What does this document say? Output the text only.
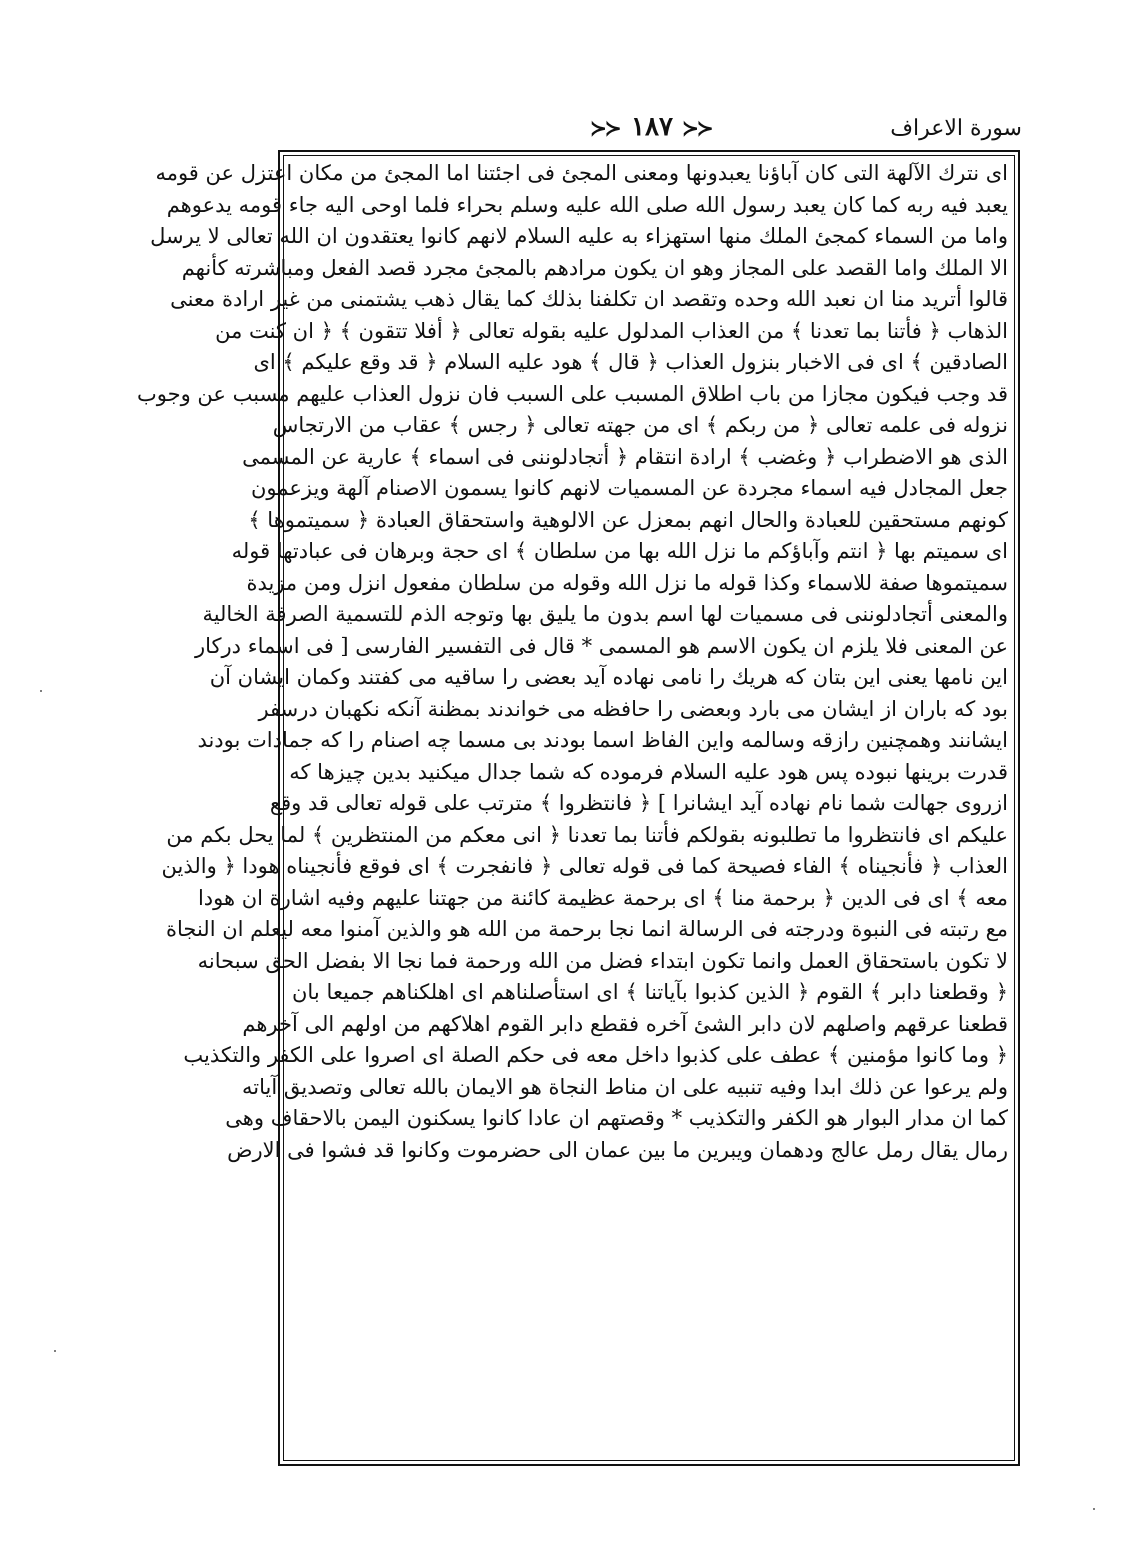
≺≺ ١٨٧ ≻≻	سورة الاعراف
اى نترك الآلهة التى كان آباؤنا يعبدونها ومعنى المجئ فى اجئتنا اما المجئ من مكان اعتزل عن قومه
يعبد فيه ربه كما كان يعبد رسول الله صلى الله عليه وسلم بحراء فلما اوحى اليه جاء قومه يدعوهم
واما من السماء كمجئ الملك منها استهزاء به عليه السلام لانهم كانوا يعتقدون ان الله تعالى لا يرسل
الا الملك واما القصد على المجاز وهو ان يكون مرادهم بالمجئ مجرد قصد الفعل ومباشرته كأنهم
قالوا أتريد منا ان نعبد الله وحده وتقصد ان تكلفنا بذلك كما يقال ذهب يشتمنى من غير ارادة معنى
الذهاب ﴿ فأتنا بما تعدنا ﴾ من العذاب المدلول عليه بقوله تعالى ﴿ أفلا تتقون ﴾ ﴿ ان كنت من
الصادقين ﴾ اى فى الاخبار بنزول العذاب ﴿ قال ﴾ هود عليه السلام ﴿ قد وقع عليكم ﴾ اى
قد وجب فيكون مجازا من باب اطلاق المسبب على السبب فان نزول العذاب عليهم مسبب عن وجوب
نزوله فى علمه تعالى ﴿ من ربكم ﴾ اى من جهته تعالى ﴿ رجس ﴾ عقاب من الارتجاس
الذى هو الاضطراب ﴿ وغضب ﴾ ارادة انتقام ﴿ أتجادلوننى فى اسماء ﴾ عارية عن المسمى
جعل المجادل فيه اسماء مجردة عن المسميات لانهم كانوا يسمون الاصنام آلهة ويزعمون
كونهم مستحقين للعبادة والحال انهم بمعزل عن الالوهية واستحقاق العبادة ﴿ سميتموها ﴾
اى سميتم بها ﴿ انتم وآباؤكم ما نزل الله بها من سلطان ﴾ اى حجة وبرهان فى عبادتها قوله
سميتموها صفة للاسماء وكذا قوله ما نزل الله وقوله من سلطان مفعول انزل ومن مزيدة
والمعنى أتجادلوننى فى مسميات لها اسم بدون ما يليق بها وتوجه الذم للتسمية الصرفة الخالية
عن المعنى فلا يلزم ان يكون الاسم هو المسمى * قال فى التفسير الفارسى [ فى اسماء دركار
اين نامها يعنى اين بتان كه هريك را نامى نهاده آيد بعضى را ساقيه مى كفتند وكمان ايشان آن
بود كه باران از ايشان مى بارد وبعضى را حافظه مى خواندند بمظنة آنكه نكهبان درسفر
ايشانند وهمچنين رازقه وسالمه واين الفاظ اسما بودند بى مسما چه اصنام را كه جمادات بودند
قدرت برينها نبوده پس هود عليه السلام فرموده كه شما جدال ميكنيد بدين چيزها كه
ازروى جهالت شما نام نهاده آيد ايشانرا ] ﴿ فانتظروا ﴾ مترتب على قوله تعالى قد وقع
عليكم اى فانتظروا ما تطلبونه بقولكم فأتنا بما تعدنا ﴿ انى معكم من المنتظرين ﴾ لما يحل بكم من
العذاب ﴿ فأنجيناه ﴾ الفاء فصيحة كما فى قوله تعالى ﴿ فانفجرت ﴾ اى فوقع فأنجيناه هودا ﴿ والذين
معه ﴾ اى فى الدين ﴿ برحمة منا ﴾ اى برحمة عظيمة كائنة من جهتنا عليهم وفيه اشارة ان هودا
مع رتبته فى النبوة ودرجته فى الرسالة انما نجا برحمة من الله هو والذين آمنوا معه ليعلم ان النجاة
لا تكون باستحقاق العمل وانما تكون ابتداء فضل من الله ورحمة فما نجا الا بفضل الحق سبحانه
﴿ وقطعنا دابر ﴾ القوم ﴿ الذين كذبوا بآياتنا ﴾ اى استأصلناهم اى اهلكناهم جميعا بان
قطعنا عرقهم واصلهم لان دابر الشئ آخره فقطع دابر القوم اهلاكهم من اولهم الى آخرهم
﴿ وما كانوا مؤمنين ﴾ عطف على كذبوا داخل معه فى حكم الصلة اى اصروا على الكفر والتكذيب
ولم يرعوا عن ذلك ابدا وفيه تنبيه على ان مناط النجاة هو الايمان بالله تعالى وتصديق آياته
كما ان مدار البوار هو الكفر والتكذيب * وقصتهم ان عادا كانوا يسكنون اليمن بالاحقاف وهى
رمال يقال رمل عالج ودهمان ويبرين ما بين عمان الى حضرموت وكانوا قد فشوا فى الارض
